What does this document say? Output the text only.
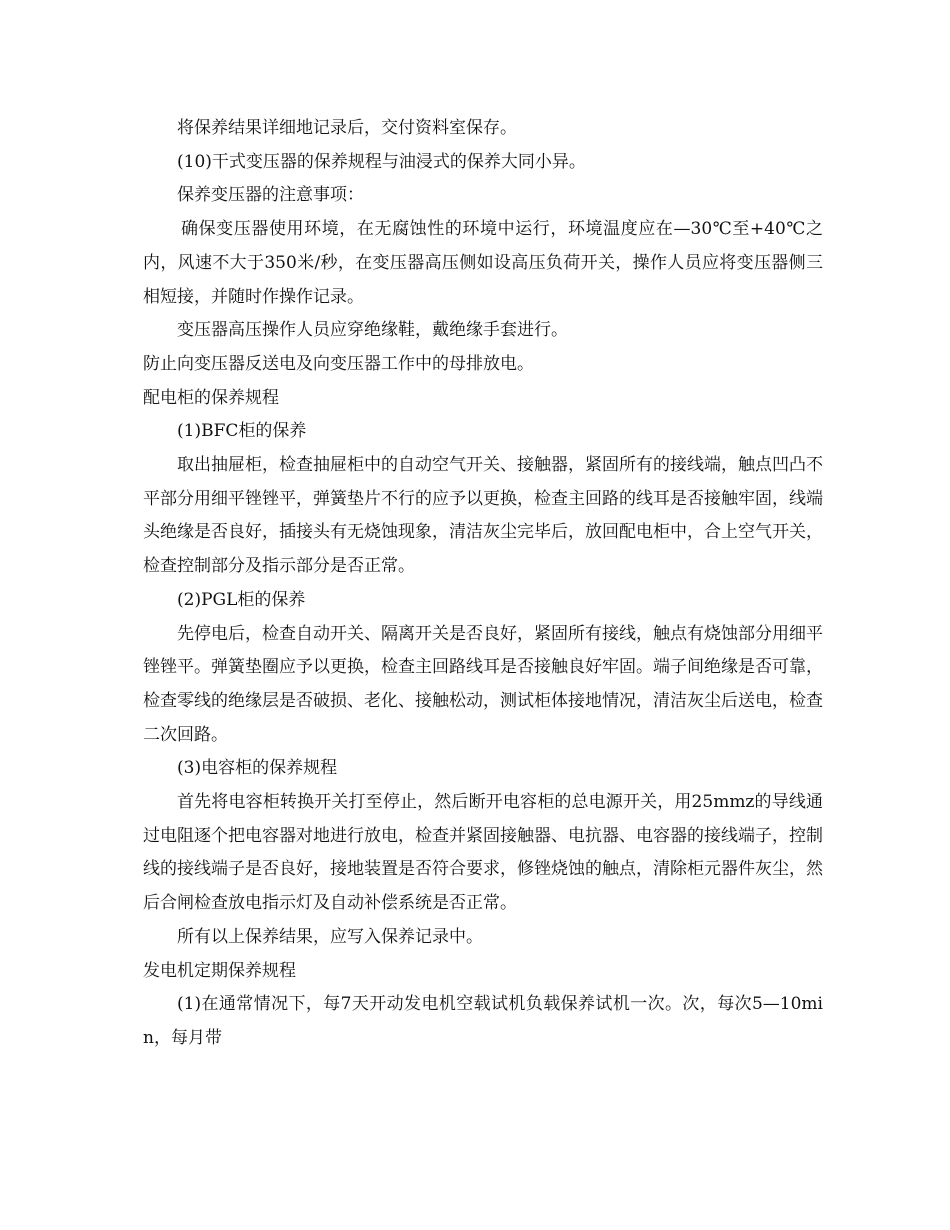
将保养结果详细地记录后，交付资料室保存。

(10)干式变压器的保养规程与油浸式的保养大同小异。

保养变压器的注意事项：

确保变压器使用环境，在无腐蚀性的环境中运行，环境温度应在—30℃至+40℃之内，风速不大于350米/秒，在变压器高压侧如设高压负荷开关，操作人员应将变压器侧三相短接，并随时作操作记录。

变压器高压操作人员应穿绝缘鞋，戴绝缘手套进行。

防止向变压器反送电及向变压器工作中的母排放电。

配电柜的保养规程

(1)BFC柜的保养

取出抽屉柜，检查抽屉柜中的自动空气开关、接触器，紧固所有的接线端，触点凹凸不平部分用细平锉锉平，弹簧垫片不行的应予以更换，检查主回路的线耳是否接触牢固，线端头绝缘是否良好，插接头有无烧蚀现象，清洁灰尘完毕后，放回配电柜中，合上空气开关，检查控制部分及指示部分是否正常。

(2)PGL柜的保养

先停电后，检查自动开关、隔离开关是否良好，紧固所有接线，触点有烧蚀部分用细平锉锉平。弹簧垫圈应予以更换，检查主回路线耳是否接触良好牢固。端子间绝缘是否可靠，检查零线的绝缘层是否破损、老化、接触松动，测试柜体接地情况，清洁灰尘后送电，检查二次回路。

(3)电容柜的保养规程

首先将电容柜转换开关打至停止，然后断开电容柜的总电源开关，用25mmz的导线通过电阻逐个把电容器对地进行放电，检查并紧固接触器、电抗器、电容器的接线端子，控制线的接线端子是否良好，接地装置是否符合要求，修锉烧蚀的触点，清除柜元器件灰尘，然后合闸检查放电指示灯及自动补偿系统是否正常。

所有以上保养结果，应写入保养记录中。

发电机定期保养规程

(1)在通常情况下，每7天开动发电机空载试机负载保养试机一次。次，每次5—10min，每月带
